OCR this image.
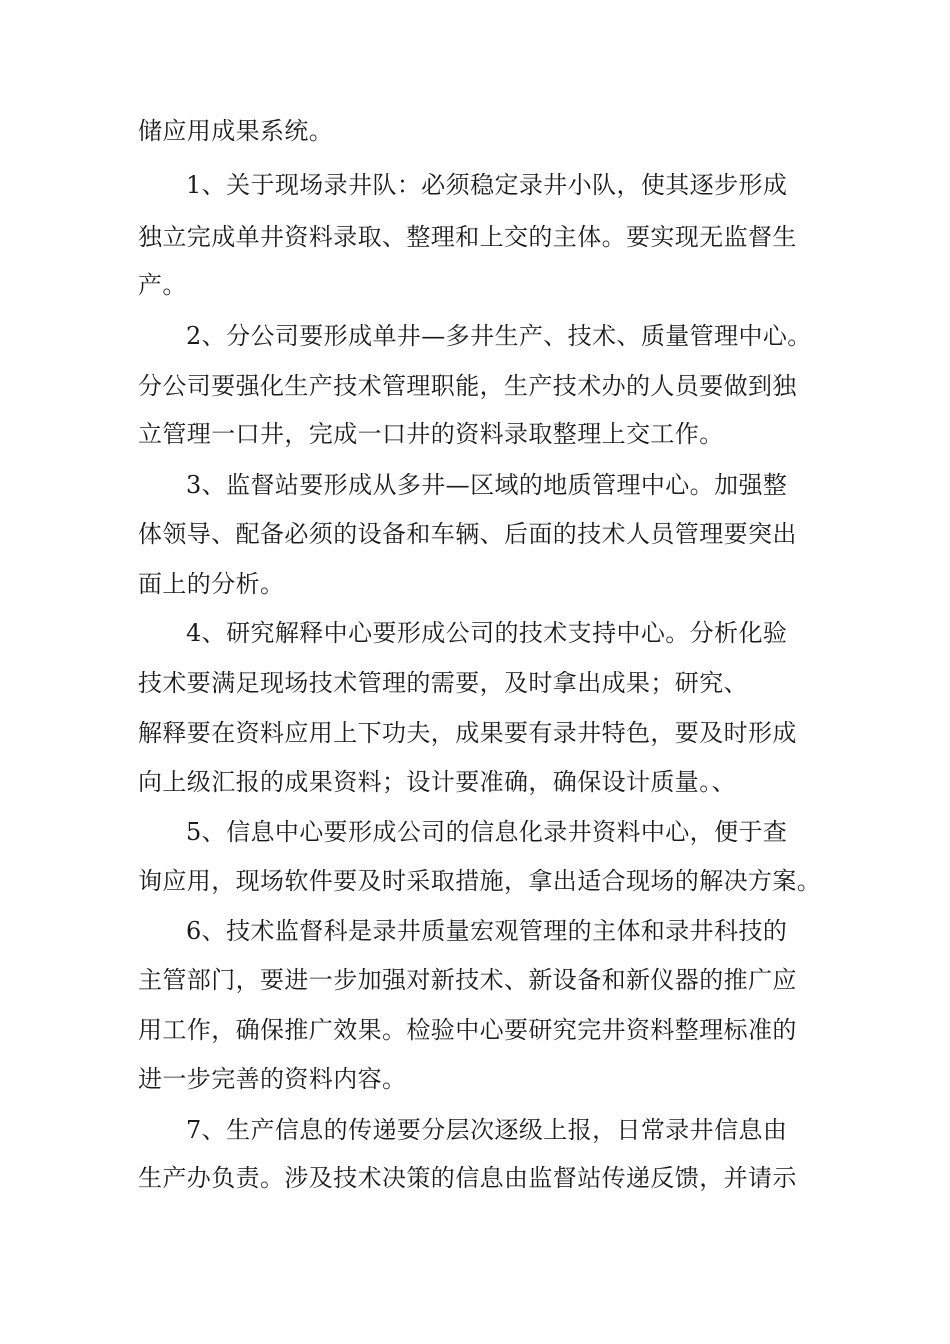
储应用成果系统。
1、关于现场录井队：必须稳定录井小队，使其逐步形成
独立完成单井资料录取、整理和上交的主体。要实现无监督生
产。
2、分公司要形成单井—多井生产、技术、质量管理中心。
分公司要强化生产技术管理职能，生产技术办的人员要做到独
立管理一口井，完成一口井的资料录取整理上交工作。
3、监督站要形成从多井—区域的地质管理中心。加强整
体领导、配备必须的设备和车辆、后面的技术人员管理要突出
面上的分析。
4、研究解释中心要形成公司的技术支持中心。分析化验
技术要满足现场技术管理的需要，及时拿出成果；研究、
解释要在资料应用上下功夫，成果要有录井特色，要及时形成
向上级汇报的成果资料；设计要准确，确保设计质量。、
5、信息中心要形成公司的信息化录井资料中心，便于查
询应用，现场软件要及时采取措施，拿出适合现场的解决方案。
6、技术监督科是录井质量宏观管理的主体和录井科技的
主管部门，要进一步加强对新技术、新设备和新仪器的推广应
用工作，确保推广效果。检验中心要研究完井资料整理标准的
进一步完善的资料内容。
7、生产信息的传递要分层次逐级上报，日常录井信息由
生产办负责。涉及技术决策的信息由监督站传递反馈，并请示
